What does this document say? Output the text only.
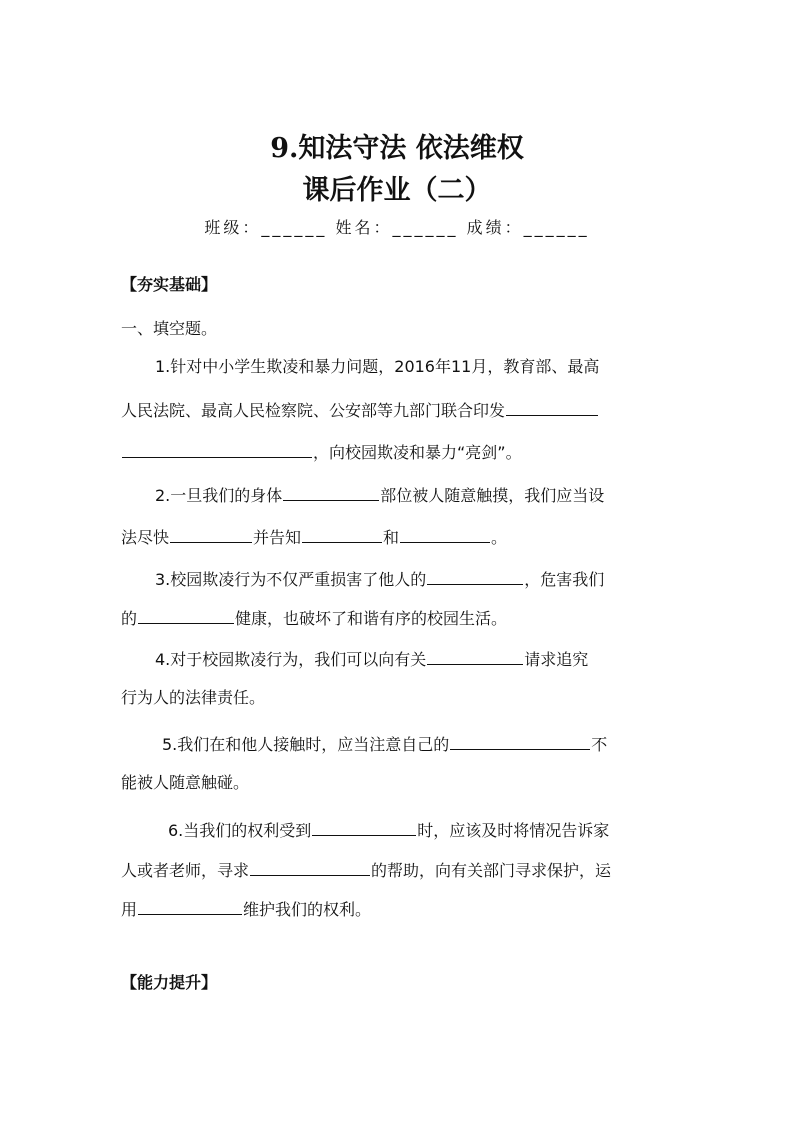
9.知法守法 依法维权
课后作业（二）
班级：______ 姓名：______ 成绩：______
【夯实基础】
一、填空题。
1.针对中小学生欺凌和暴力问题，2016年11月，教育部、最高
人民法院、最高人民检察院、公安部等九部门联合印发
，向校园欺凌和暴力“亮剑”。
2.一旦我们的身体	部位被人随意触摸，我们应当设
法尽快	并告知	和	。
3.校园欺凌行为不仅严重损害了他人的	，危害我们
的	健康，也破坏了和谐有序的校园生活。
4.对于校园欺凌行为，我们可以向有关	请求追究
行为人的法律责任。
5.我们在和他人接触时，应当注意自己的	不
能被人随意触碰。
6.当我们的权利受到	时，应该及时将情况告诉家
人或者老师，寻求	的帮助，向有关部门寻求保护，运
用	维护我们的权利。
【能力提升】
